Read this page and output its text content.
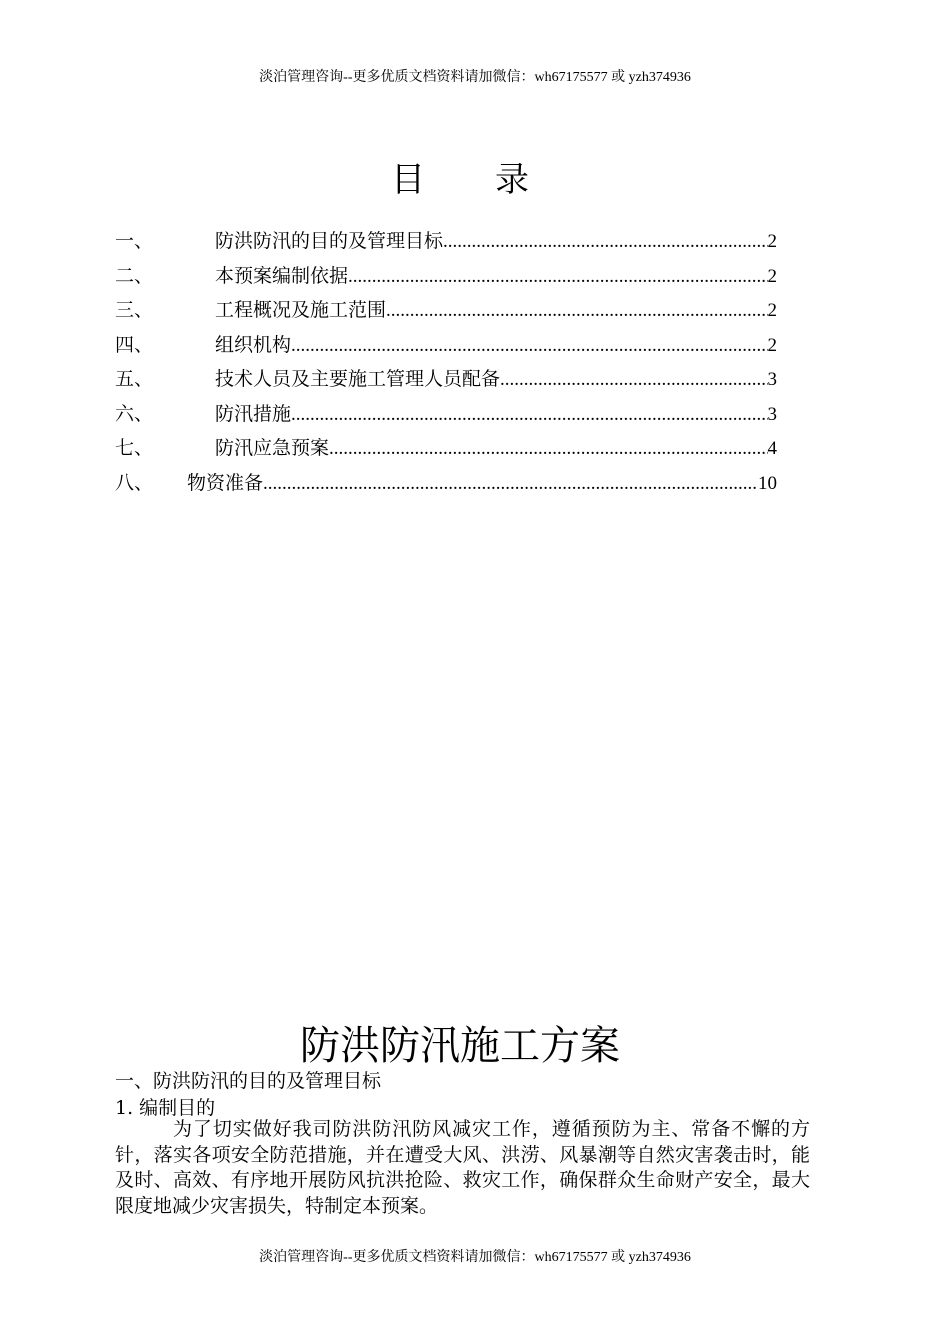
淡泊管理咨询--更多优质文档资料请加微信：wh67175577 或 yzh374936
目 录
一、	防洪防汛的目的及管理目标 .....	2
二、	本预案编制依据 .....	2
三、	工程概况及施工范围 .....	2
四、	组织机构 .....	2
五、	技术人员及主要施工管理人员配备 .....	3
六、	防汛措施 .....	3
七、	防汛应急预案 .....	4
八、	物资准备 .....	10
防洪防汛施工方案
一、防洪防汛的目的及管理目标
1. 编制目的
为了切实做好我司防洪防汛防风减灾工作，遵循预防为主、常备不懈的方针，落实各项安全防范措施，并在遭受大风、洪涝、风暴潮等自然灾害袭击时，能及时、高效、有序地开展防风抗洪抢险、救灾工作，确保群众生命财产安全，最大限度地减少灾害损失，特制定本预案。
淡泊管理咨询--更多优质文档资料请加微信：wh67175577 或 yzh374936
